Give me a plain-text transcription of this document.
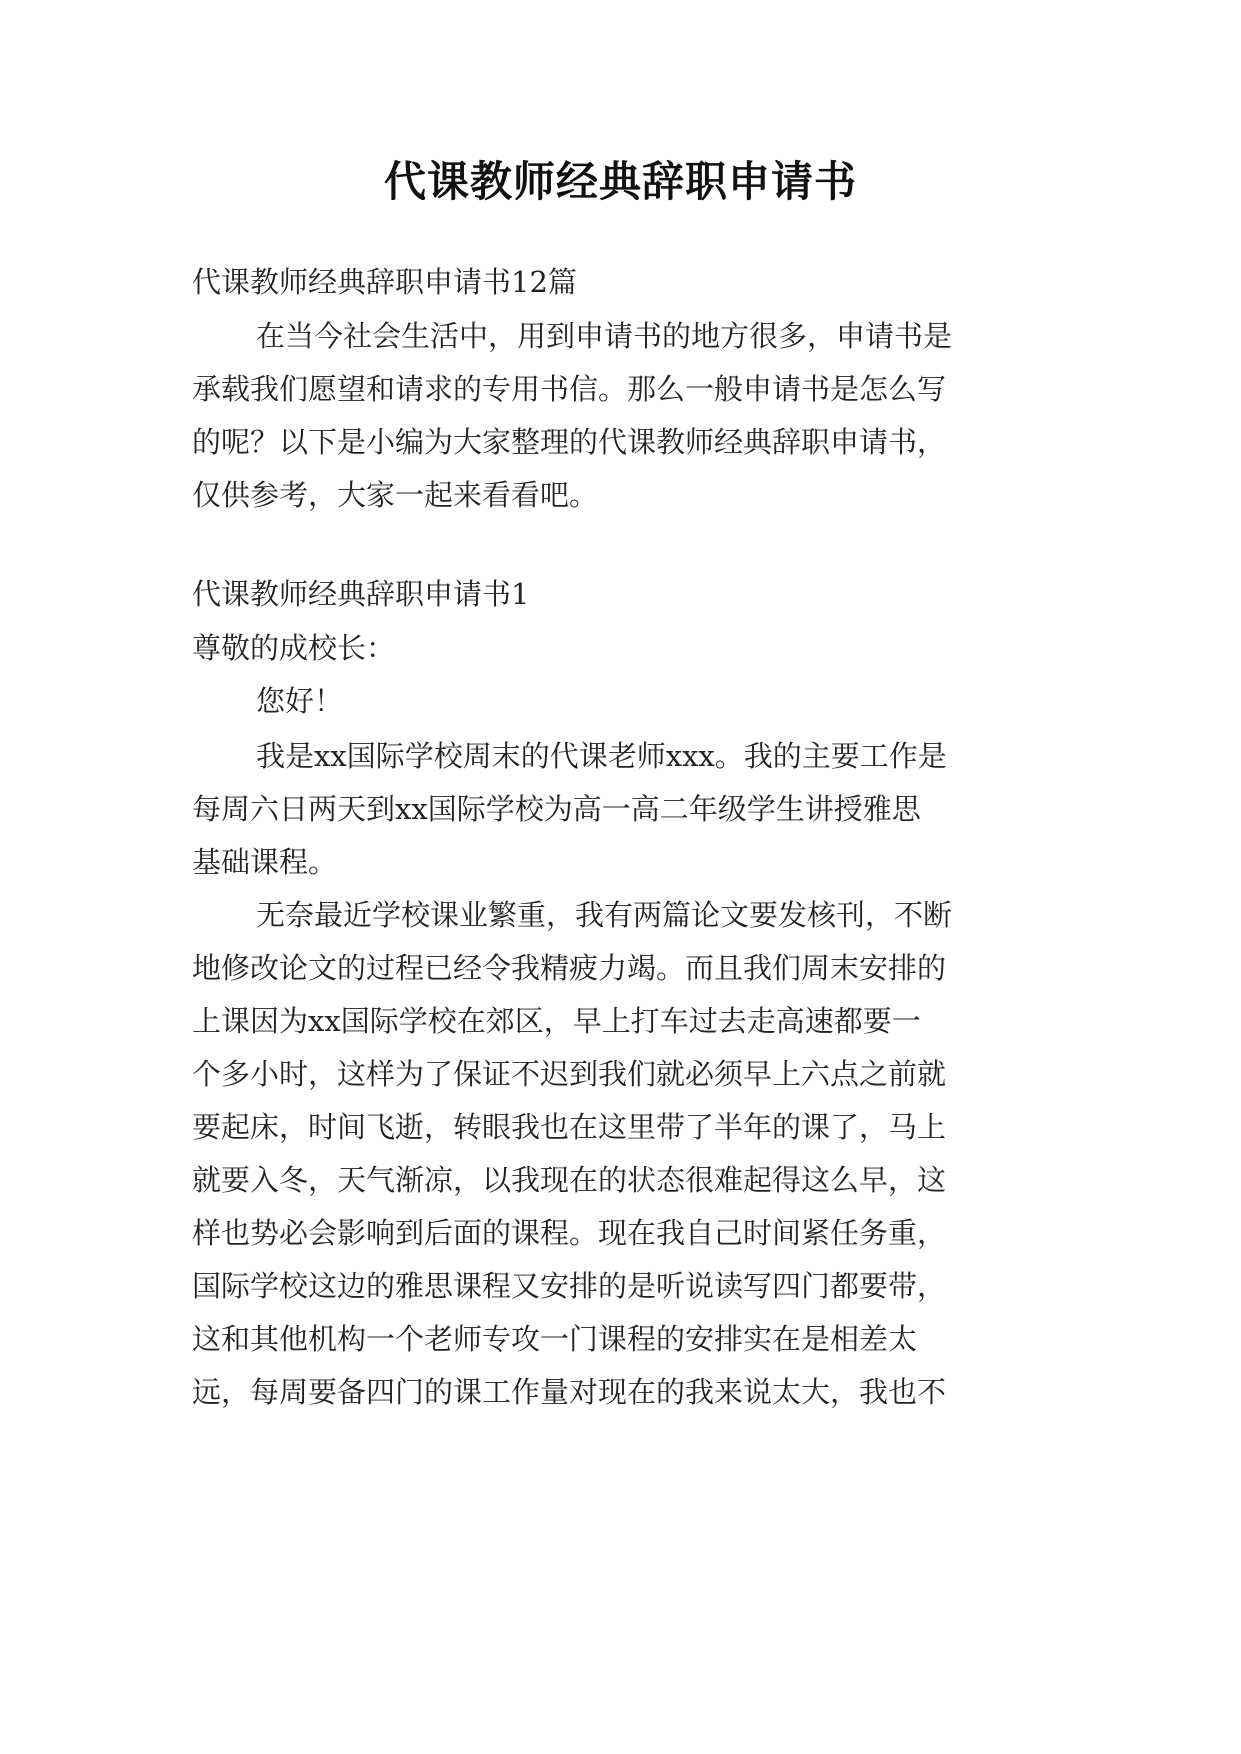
代课教师经典辞职申请书
代课教师经典辞职申请书12篇
在当今社会生活中，用到申请书的地方很多，申请书是
承载我们愿望和请求的专用书信。那么一般申请书是怎么写
的呢？以下是小编为大家整理的代课教师经典辞职申请书，
仅供参考，大家一起来看看吧。
代课教师经典辞职申请书1
尊敬的成校长：
您好！
我是xx国际学校周末的代课老师xxx。我的主要工作是
每周六日两天到xx国际学校为高一高二年级学生讲授雅思
基础课程。
无奈最近学校课业繁重，我有两篇论文要发核刊，不断
地修改论文的过程已经令我精疲力竭。而且我们周末安排的
上课因为xx国际学校在郊区，早上打车过去走高速都要一
个多小时，这样为了保证不迟到我们就必须早上六点之前就
要起床，时间飞逝，转眼我也在这里带了半年的课了，马上
就要入冬，天气渐凉，以我现在的状态很难起得这么早，这
样也势必会影响到后面的课程。现在我自己时间紧任务重，
国际学校这边的雅思课程又安排的是听说读写四门都要带，
这和其他机构一个老师专攻一门课程的安排实在是相差太
远，每周要备四门的课工作量对现在的我来说太大，我也不
